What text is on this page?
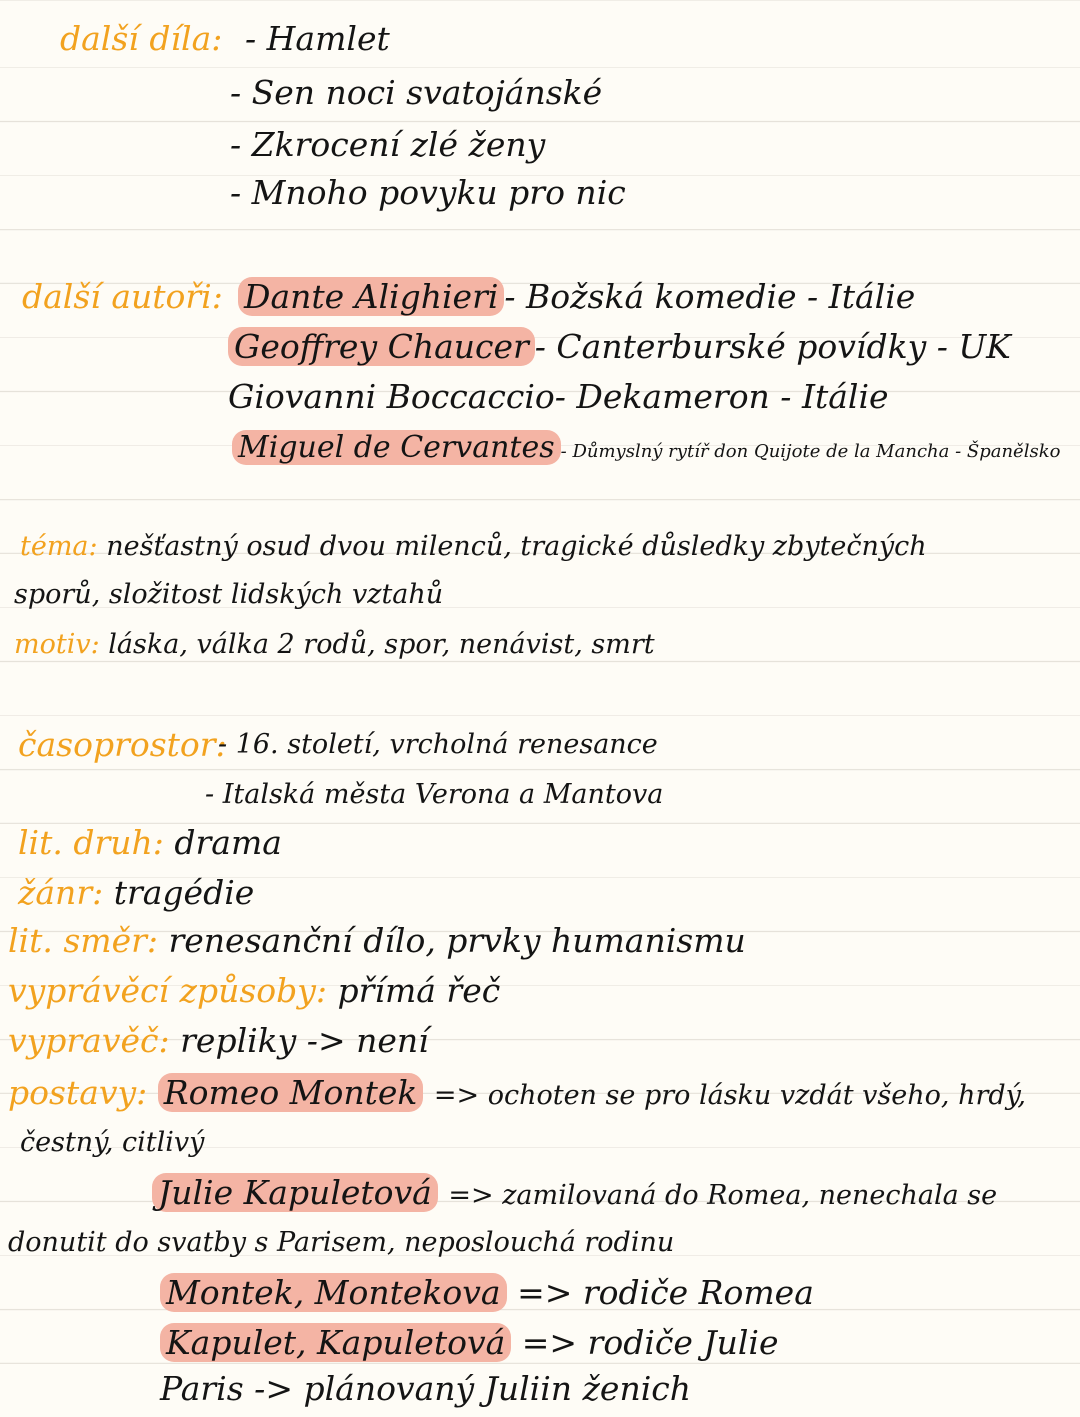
další díla: - Hamlet
- Sen noci svatojánské
- Zkrocení zlé ženy
- Mnoho povyku pro nic
další autoři: Dante Alighieri - Božská komedie - Itálie
Geoffrey Chaucer - Canterburské povídky - UK
Giovanni Boccaccio- Dekameron - Itálie
Miguel de Cervantes - Důmyslný rytíř don Quijote de la Mancha - Španělsko
téma: nešťastný osud dvou milenců, tragické důsledky zbytečných
sporů, složitost lidských vztahů
motiv: láska, válka 2 rodů, spor, nenávist, smrt
časoprostor:
- 16. století, vrcholná renesance
- Italská města Verona a Mantova
lit. druh: drama
žánr: tragédie
lit. směr: renesanční dílo, prvky humanismu
vyprávěcí způsoby: přímá řeč
vypravěč: repliky -> není
postavy: Romeo Montek => ochoten se pro lásku vzdát všeho, hrdý,
čestný, citlivý
Julie Kapuletová => zamilovaná do Romea, nenechala se
donutit do svatby s Parisem, neposlouchá rodinu
Montek, Montekova => rodiče Romea
Kapulet, Kapuletová => rodiče Julie
Paris -> plánovaný Juliin ženich
